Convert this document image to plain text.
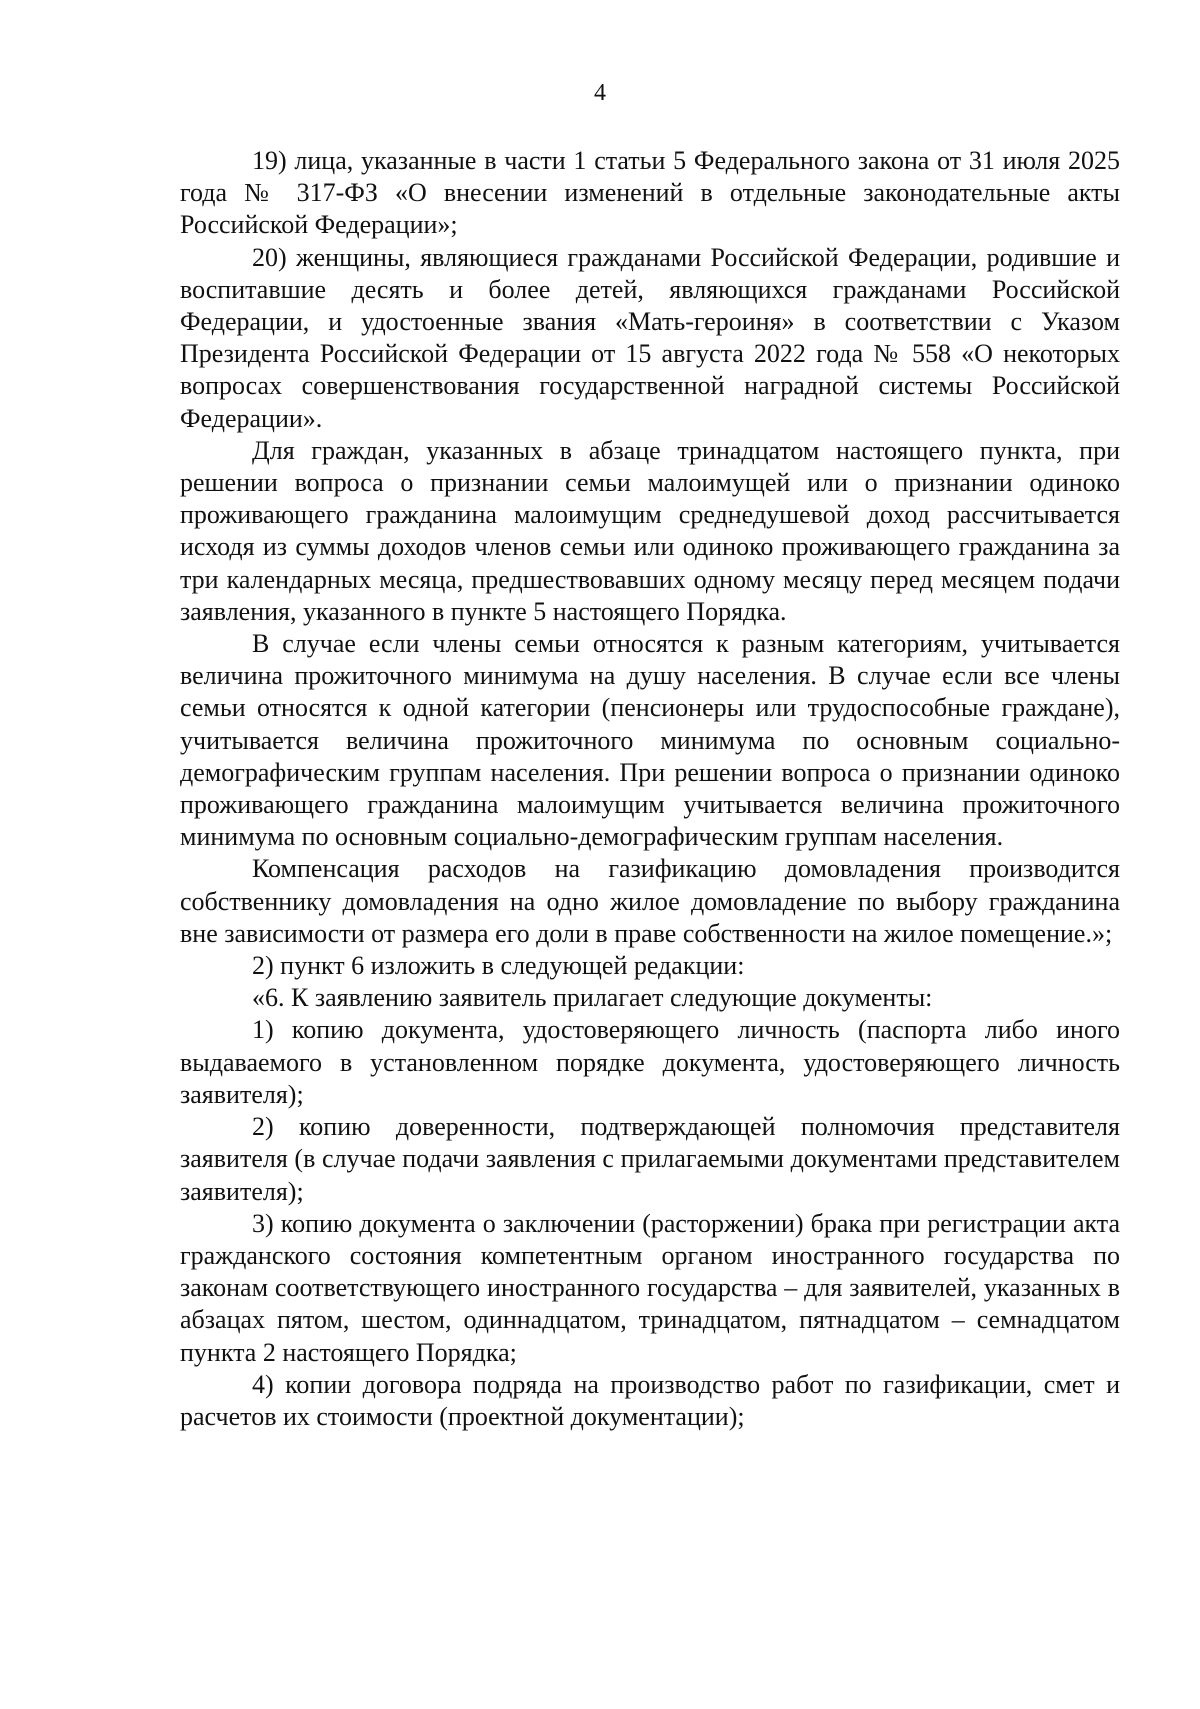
4

19) лица, указанные в части 1 статьи 5 Федерального закона от 31 июля 2025 года № 317-ФЗ «О внесении изменений в отдельные законодательные акты Российской Федерации»;

20) женщины, являющиеся гражданами Российской Федерации, родившие и воспитавшие десять и более детей, являющихся гражданами Российской Федерации, и удостоенные звания «Мать-героиня» в соответствии с Указом Президента Российской Федерации от 15 августа 2022 года № 558 «О некоторых вопросах совершенствования государственной наградной системы Российской Федерации».

Для граждан, указанных в абзаце тринадцатом настоящего пункта, при решении вопроса о признании семьи малоимущей или о признании одиноко проживающего гражданина малоимущим среднедушевой доход рассчитывается исходя из суммы доходов членов семьи или одиноко проживающего гражданина за три календарных месяца, предшествовавших одному месяцу перед месяцем подачи заявления, указанного в пункте 5 настоящего Порядка.

В случае если члены семьи относятся к разным категориям, учитывается величина прожиточного минимума на душу населения. В случае если все члены семьи относятся к одной категории (пенсионеры или трудоспособные граждане), учитывается величина прожиточного минимума по основным социально-демографическим группам населения. При решении вопроса о признании одиноко проживающего гражданина малоимущим учитывается величина прожиточного минимума по основным социально-демографическим группам населения.

Компенсация расходов на газификацию домовладения производится собственнику домовладения на одно жилое домовладение по выбору гражданина вне зависимости от размера его доли в праве собственности на жилое помещение.»;

2) пункт 6 изложить в следующей редакции:

«6. К заявлению заявитель прилагает следующие документы:

1) копию документа, удостоверяющего личность (паспорта либо иного выдаваемого в установленном порядке документа, удостоверяющего личность заявителя);

2) копию доверенности, подтверждающей полномочия представителя заявителя (в случае подачи заявления с прилагаемыми документами представителем заявителя);

3) копию документа о заключении (расторжении) брака при регистрации акта гражданского состояния компетентным органом иностранного государства по законам соответствующего иностранного государства – для заявителей, указанных в абзацах пятом, шестом, одиннадцатом, тринадцатом, пятнадцатом – семнадцатом пункта 2 настоящего Порядка;

4) копии договора подряда на производство работ по газификации, смет и расчетов их стоимости (проектной документации);
